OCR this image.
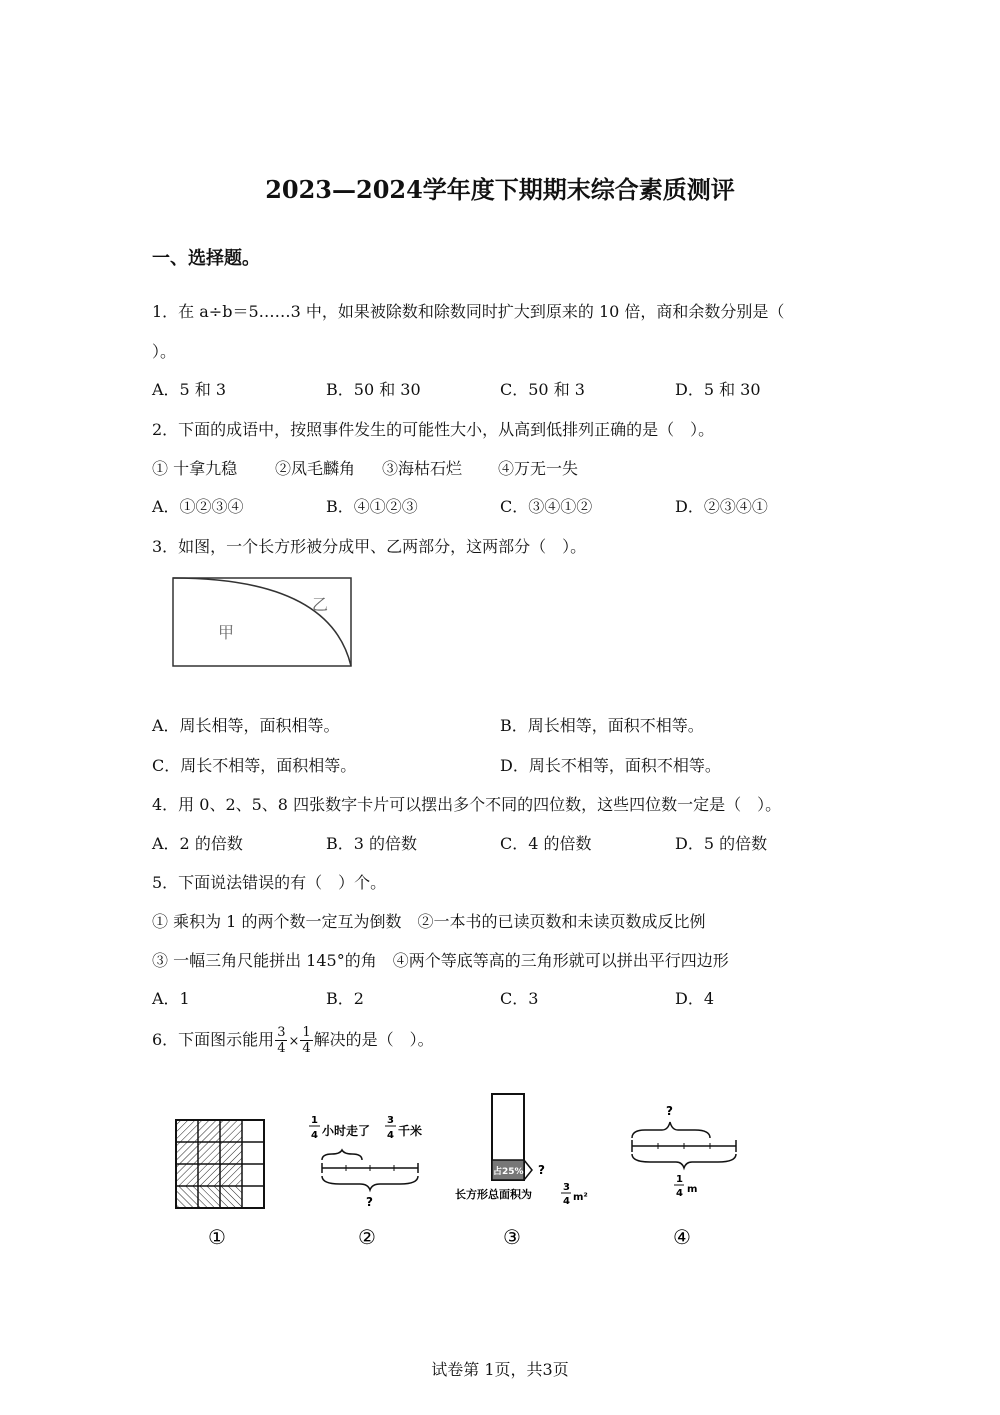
2023—2024学年度下期期末综合素质测评
一、选择题。
1．在 a÷b＝5……3 中，如果被除数和除数同时扩大到原来的 10 倍，商和余数分别是（
）。
A．5 和 3	B．50 和 30	C．50 和 3	D．5 和 30
2．下面的成语中，按照事件发生的可能性大小，从高到低排列正确的是（　）。
① 十拿九稳 ②凤毛麟角 ③海枯石烂 ④万无一失
A．①②③④	B．④①②③	C．③④①②	D．②③④①
3．如图，一个长方形被分成甲、乙两部分，这两部分（　）。
甲
乙
A．周长相等，面积相等。	B．周长相等，面积不相等。
C．周长不相等，面积相等。	D．周长不相等，面积不相等。
4．用 0、2、5、8 四张数字卡片可以摆出多个不同的四位数，这些四位数一定是（　）。
A．2 的倍数	B．3 的倍数	C．4 的倍数	D．5 的倍数
5．下面说法错误的有（　）个。
① 乘积为 1 的两个数一定互为倒数　②一本书的已读页数和未读页数成反比例
③ 一幅三角尺能拼出 145°的角　④两个等底等高的三角形就可以拼出平行四边形
A．1	B．2	C．3	D．4
6．下面图示能用 $\frac{3}{4} \times \frac{1}{4}$ 解决的是（　）。
1
4 小时走了
3
4 千米
?
占25% ?
长方形总面积为
3
4 m²
?
1
4 m
①	②	③	④
试卷第 1页，共3页
